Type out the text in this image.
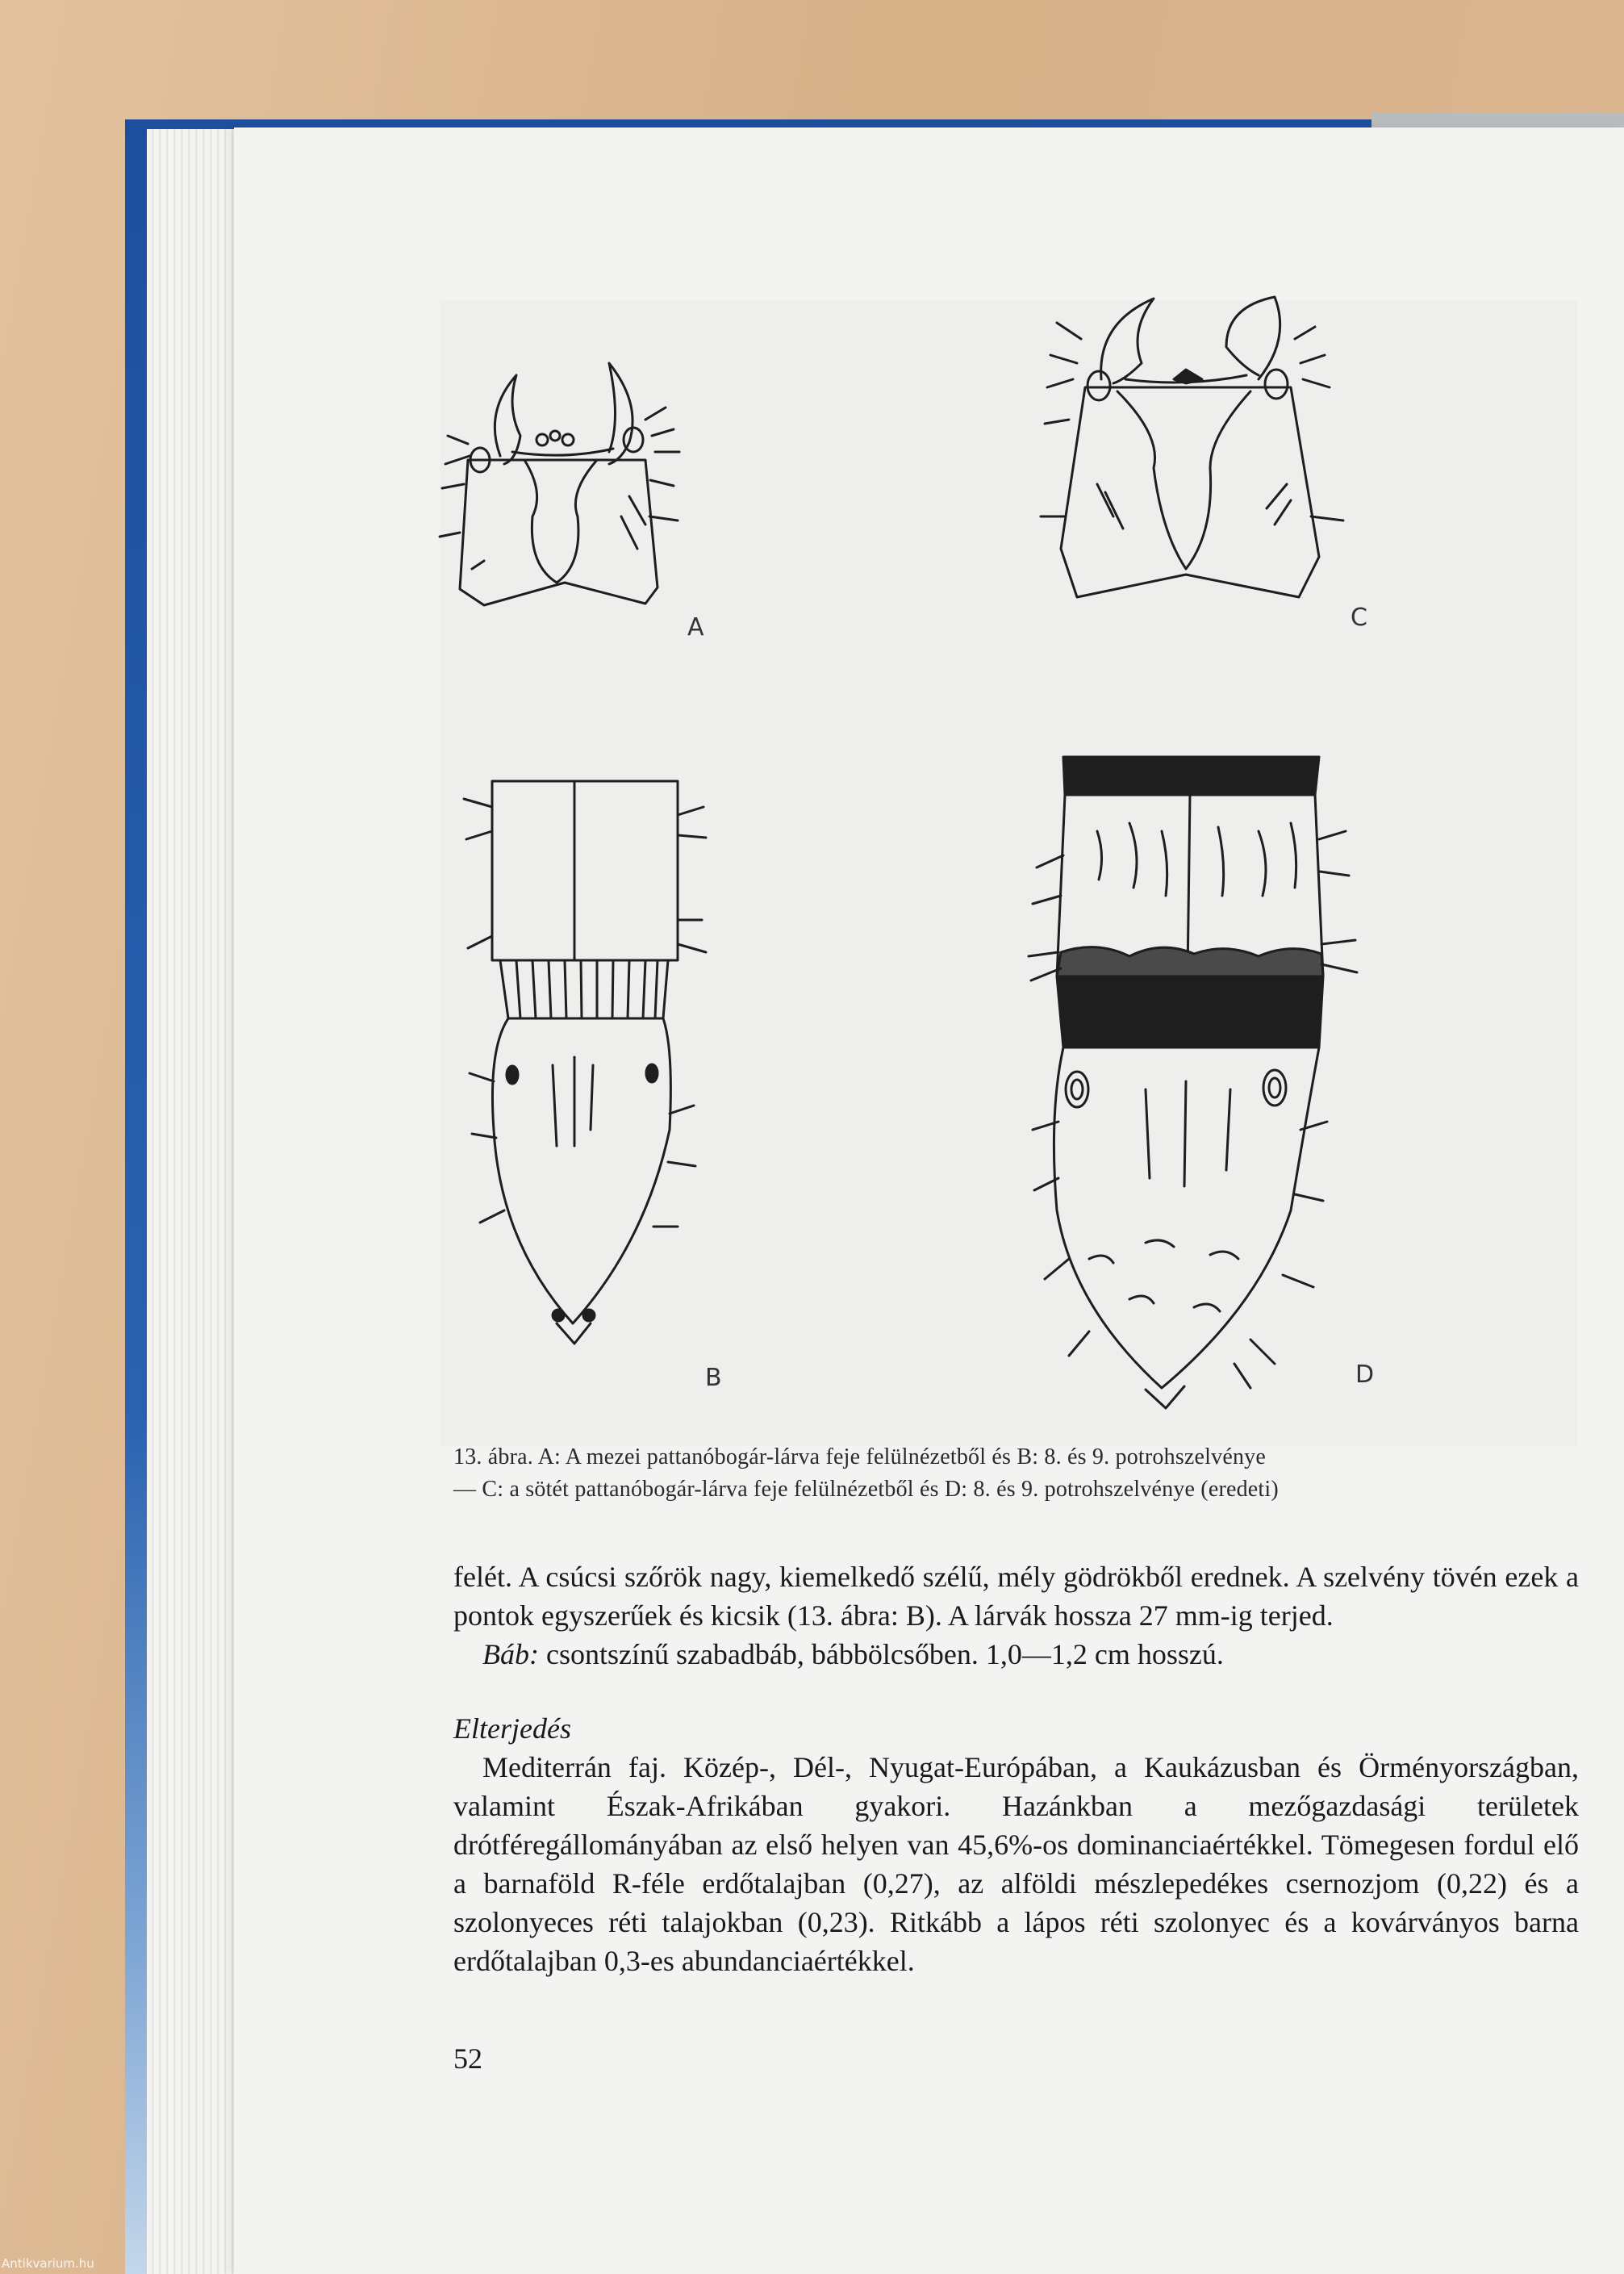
A	C
B	D
13. ábra. A: A mezei pattanóbogár-lárva feje felülnézetből és B: 8. és 9. potrohszelvénye
— C: a sötét pattanóbogár-lárva feje felülnézetből és D: 8. és 9. potrohszelvénye (eredeti)

felét. A csúcsi szőrök nagy, kiemelkedő szélű, mély gödrökből erednek. A szelvény tövén ezek a pontok egyszerűek és kicsik (13. ábra: B). A lárvák hossza 27 mm-ig terjed.

Báb: csontszínű szabadbáb, bábbölcsőben. 1,0—1,2 cm hosszú.

Elterjedés

Mediterrán faj. Közép-, Dél-, Nyugat-Európában, a Kaukázusban és Örményországban, valamint Észak-Afrikában gyakori. Hazánkban a mezőgazdasági területek drótféregállományában az első helyen van 45,6%-os dominanciaértékkel. Tömegesen fordul elő a barnaföld R-féle erdőtalajban (0,27), az alföldi mészlepedékes csernozjom (0,22) és a szolonyeces réti talajokban (0,23). Ritkább a lápos réti szolonyec és a kovárványos barna erdőtalajban 0,3-es abundanciaértékkel.

52
Antikvarium.hu
